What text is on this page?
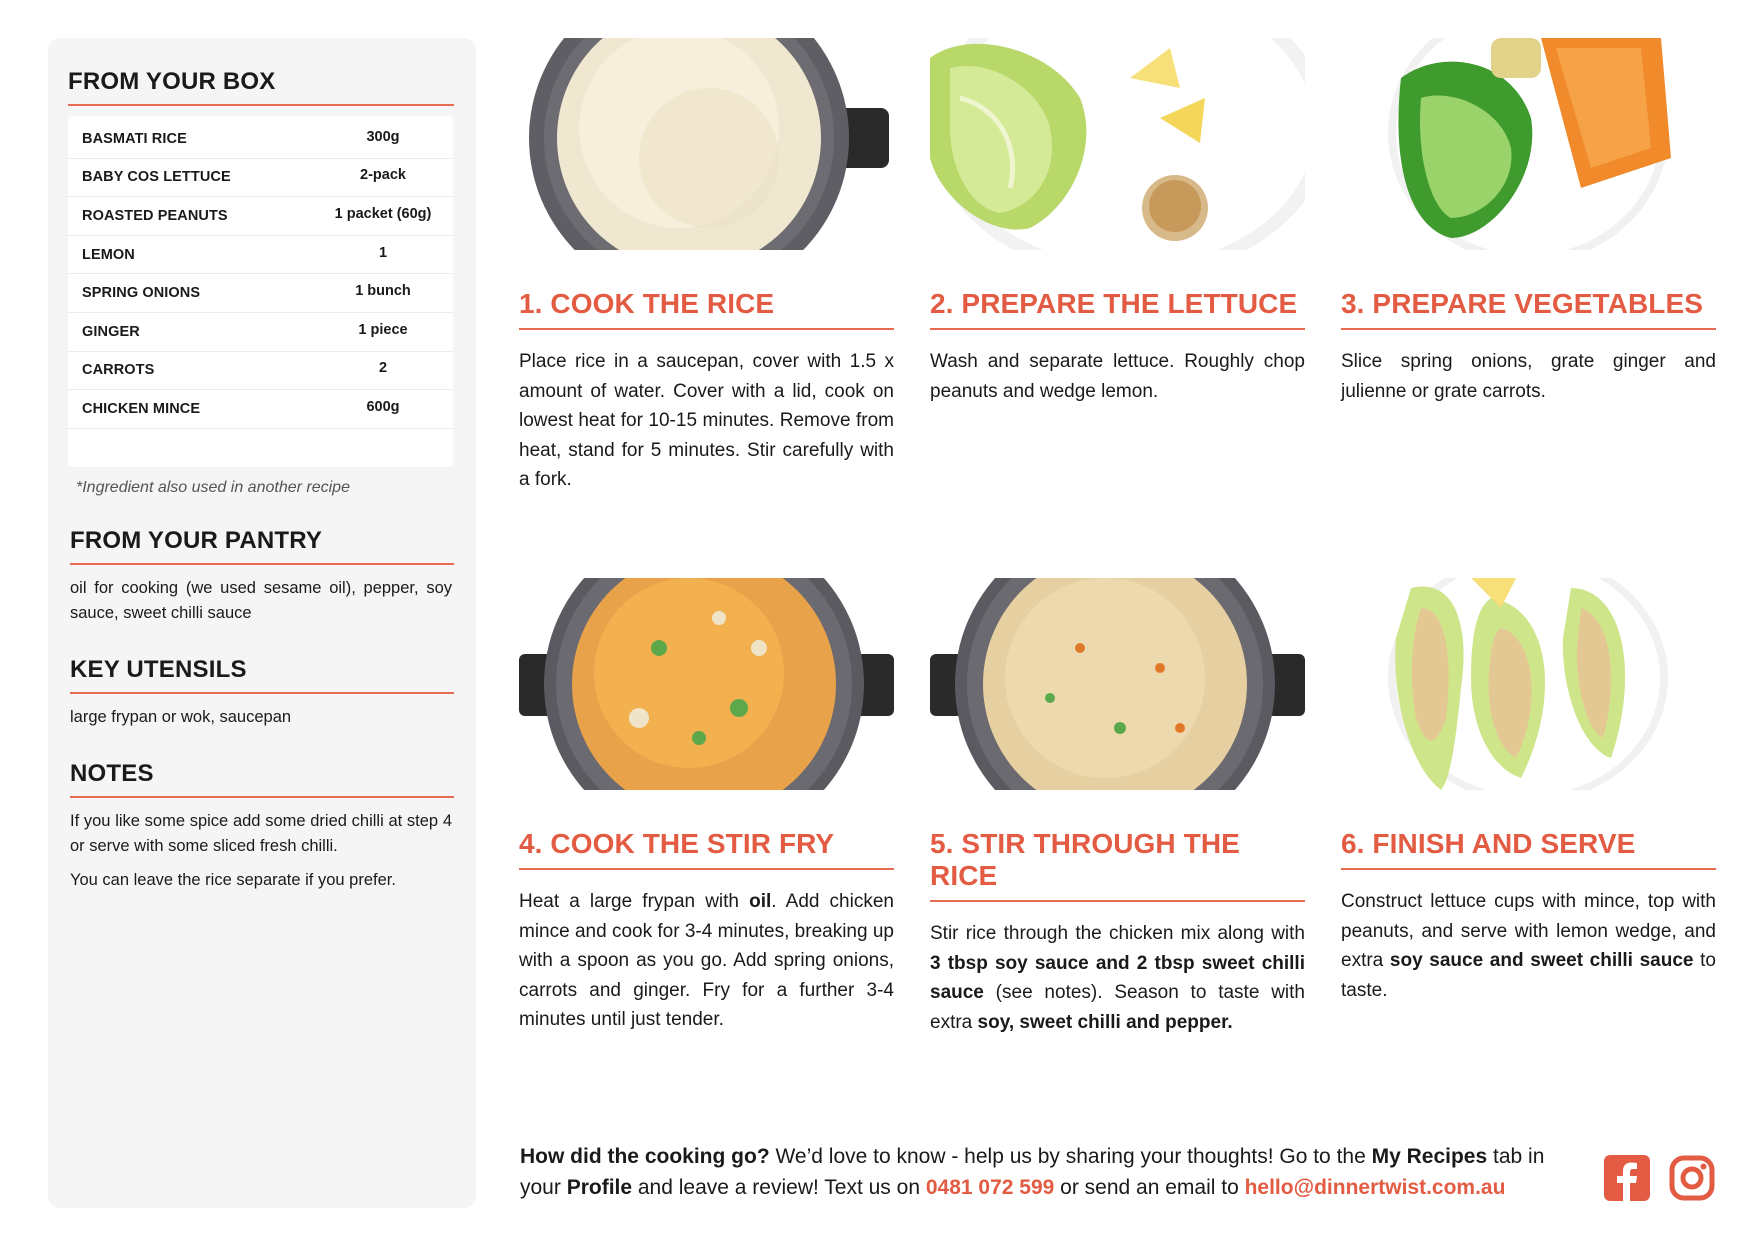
FROM YOUR BOX
BASMATI RICE	300g
BABY COS LETTUCE	2-pack
ROASTED PEANUTS	1 packet (60g)
LEMON	1
SPRING ONIONS	1 bunch
GINGER	1 piece
CARROTS	2
CHICKEN MINCE	600g

*Ingredient also used in another recipe

FROM YOUR PANTRY
oil for cooking (we used sesame oil), pepper, soy sauce, sweet chilli sauce
KEY UTENSILS
large frypan or wok, saucepan
NOTES

If you like some spice add some dried chilli at step 4 or serve with some sliced fresh chilli.

You can leave the rice separate if you prefer.

1. COOK THE RICE
Place rice in a saucepan, cover with 1.5 x amount of water. Cover with a lid, cook on lowest heat for 10-15 minutes. Remove from heat, stand for 5 minutes. Stir carefully with a fork.
2. PREPARE THE LETTUCE
Wash and separate lettuce. Roughly chop peanuts and wedge lemon.
3. PREPARE VEGETABLES
Slice spring onions, grate ginger and julienne or grate carrots.
4. COOK THE STIR FRY
Heat a large frypan with oil. Add chicken mince and cook for 3-4 minutes, breaking up with a spoon as you go. Add spring onions, carrots and ginger. Fry for a further 3-4 minutes until just tender.
5. STIR THROUGH THE RICE
Stir rice through the chicken mix along with 3 tbsp soy sauce and 2 tbsp sweet chilli sauce (see notes). Season to taste with extra soy, sweet chilli and pepper.
6. FINISH AND SERVE
Construct lettuce cups with mince, top with peanuts, and serve with lemon wedge, and extra soy sauce and sweet chilli sauce to taste.
How did the cooking go? We’d love to know - help us by sharing your thoughts! Go to the My Recipes tab in your Profile and leave a review! Text us on 0481 072 599 or send an email to hello@dinnertwist.com.au
